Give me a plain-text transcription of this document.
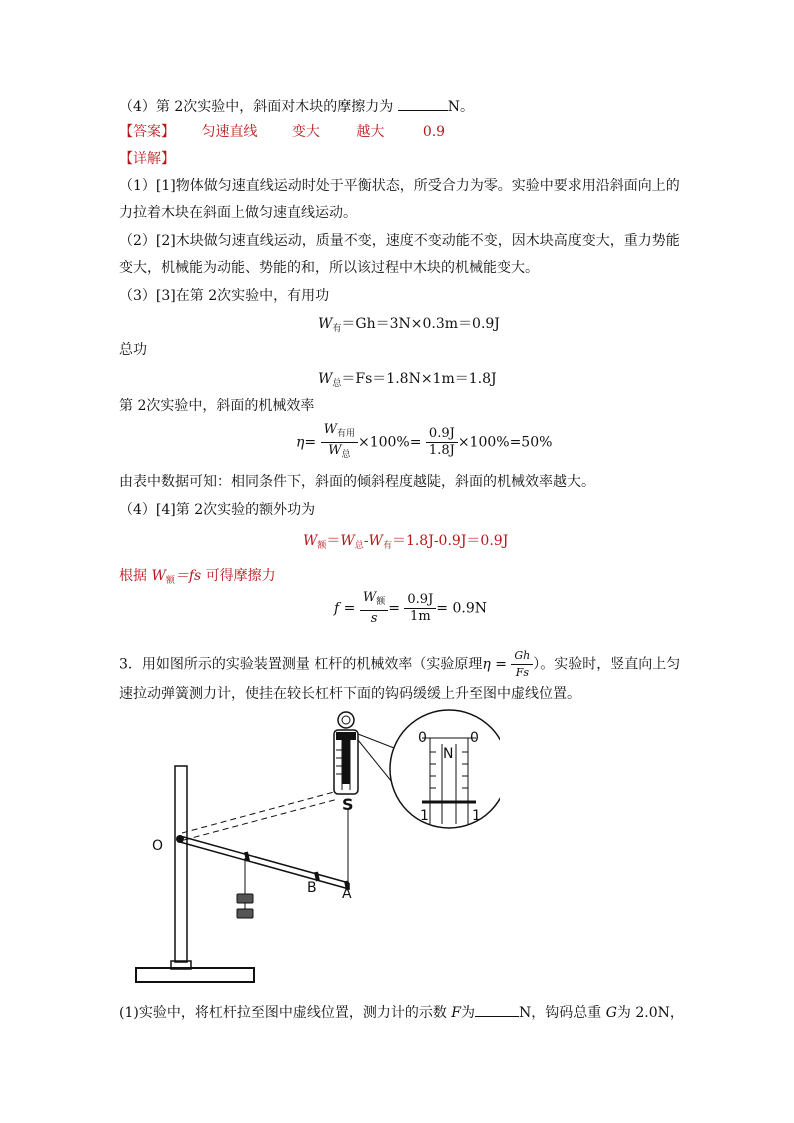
（4）第 2次实验中，斜面对木块的摩擦力为	N。
【答案】 匀速直线 变大	越大	0.9
【详解】
（1）[1]物体做匀速直线运动时处于平衡状态，所受合力为零。实验中要求用沿斜面向上的
力拉着木块在斜面上做匀速直线运动。
（2）[2]木块做匀速直线运动，质量不变，速度不变动能不变，因木块高度变大，重力势能
变大，机械能为动能、势能的和，所以该过程中木块的机械能变大。
（3）[3]在第 2次实验中，有用功
$W_有=Gh=3N\times 0.3m=0.9J$
总功
$W_总=Fs=1.8N\times 1m=1.8J$
第 2次实验中，斜面的机械效率
$\eta= \frac{W_{有用}}{W_总} \times 100\%= \frac{0.9J}{1.8J} \times 100\%=50\%$
由表中数据可知：相同条件下，斜面的倾斜程度越陡，斜面的机械效率越大。
（4）[4]第 2次实验的额外功为
$W_额=W_总-W_有=1.8J-0.9J=0.9J$
根据 $W_额=fs$ 可得摩擦力
$f = \frac{W_额}{s} = \frac{0.9J}{1m} = 0.9N$
3．用如图所示的实验装置测量 杠杆的机械效率（实验原理$\eta = \frac{Gh}{Fs}$ ）。实验时，竖直向上匀
速拉动弹簧测力计，使挂在较长杠杆下面的钩码缓缓上升至图中虚线位置。
S
0	0
N
1	1
O
B A
(1)实验中，将杠杆拉至图中虚线位置，测力计的示数 F为	N，钩码总重 G为 2.0N，
